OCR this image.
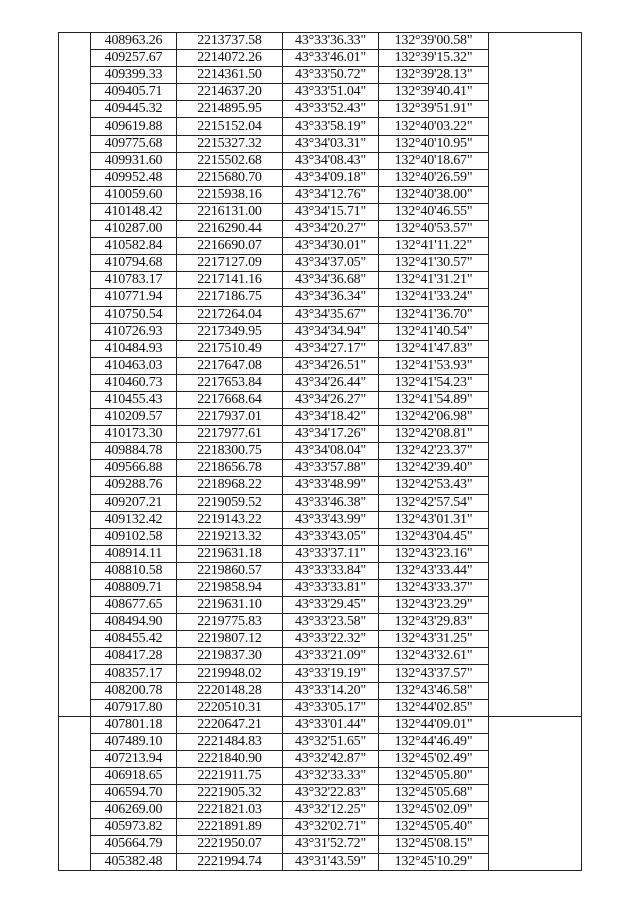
	408963.26	2213737.58	43°33'36.33"	132°39'00.58"	
	409257.67	2214072.26	43°33'46.01"	132°39'15.32"	
	409399.33	2214361.50	43°33'50.72"	132°39'28.13"	
	409405.71	2214637.20	43°33'51.04"	132°39'40.41"	
	409445.32	2214895.95	43°33'52.43"	132°39'51.91"	
	409619.88	2215152.04	43°33'58.19"	132°40'03.22"	
	409775.68	2215327.32	43°34'03.31"	132°40'10.95"	
	409931.60	2215502.68	43°34'08.43"	132°40'18.67"	
	409952.48	2215680.70	43°34'09.18"	132°40'26.59"	
	410059.60	2215938.16	43°34'12.76"	132°40'38.00"	
	410148.42	2216131.00	43°34'15.71"	132°40'46.55"	
	410287.00	2216290.44	43°34'20.27"	132°40'53.57"	
	410582.84	2216690.07	43°34'30.01"	132°41'11.22"	
	410794.68	2217127.09	43°34'37.05"	132°41'30.57"	
	410783.17	2217141.16	43°34'36.68"	132°41'31.21"	
	410771.94	2217186.75	43°34'36.34"	132°41'33.24"	
	410750.54	2217264.04	43°34'35.67"	132°41'36.70"	
	410726.93	2217349.95	43°34'34.94"	132°41'40.54"	
	410484.93	2217510.49	43°34'27.17"	132°41'47.83"	
	410463.03	2217647.08	43°34'26.51"	132°41'53.93"	
	410460.73	2217653.84	43°34'26.44"	132°41'54.23"	
	410455.43	2217668.64	43°34'26.27"	132°41'54.89"	
	410209.57	2217937.01	43°34'18.42"	132°42'06.98"	
	410173.30	2217977.61	43°34'17.26"	132°42'08.81"	
	409884.78	2218300.75	43°34'08.04"	132°42'23.37"	
	409566.88	2218656.78	43°33'57.88"	132°42'39.40"	
	409288.76	2218968.22	43°33'48.99"	132°42'53.43"	
	409207.21	2219059.52	43°33'46.38"	132°42'57.54"	
	409132.42	2219143.22	43°33'43.99"	132°43'01.31"	
	409102.58	2219213.32	43°33'43.05"	132°43'04.45"	
	408914.11	2219631.18	43°33'37.11"	132°43'23.16"	
	408810.58	2219860.57	43°33'33.84"	132°43'33.44"	
	408809.71	2219858.94	43°33'33.81"	132°43'33.37"	
	408677.65	2219631.10	43°33'29.45"	132°43'23.29"	
	408494.90	2219775.83	43°33'23.58"	132°43'29.83"	
	408455.42	2219807.12	43°33'22.32"	132°43'31.25"	
	408417.28	2219837.30	43°33'21.09"	132°43'32.61"	
	408357.17	2219948.02	43°33'19.19"	132°43'37.57"	
	408200.78	2220148.28	43°33'14.20"	132°43'46.58"	
	407917.80	2220510.31	43°33'05.17"	132°44'02.85"	
	407801.18	2220647.21	43°33'01.44"	132°44'09.01"	
	407489.10	2221484.83	43°32'51.65"	132°44'46.49"	
	407213.94	2221840.90	43°32'42.87"	132°45'02.49"	
	406918.65	2221911.75	43°32'33.33"	132°45'05.80"	
	406594.70	2221905.32	43°32'22.83"	132°45'05.68"	
	406269.00	2221821.03	43°32'12.25"	132°45'02.09"	
	405973.82	2221891.89	43°32'02.71"	132°45'05.40"	
	405664.79	2221950.07	43°31'52.72"	132°45'08.15"	
	405382.48	2221994.74	43°31'43.59"	132°45'10.29"	
